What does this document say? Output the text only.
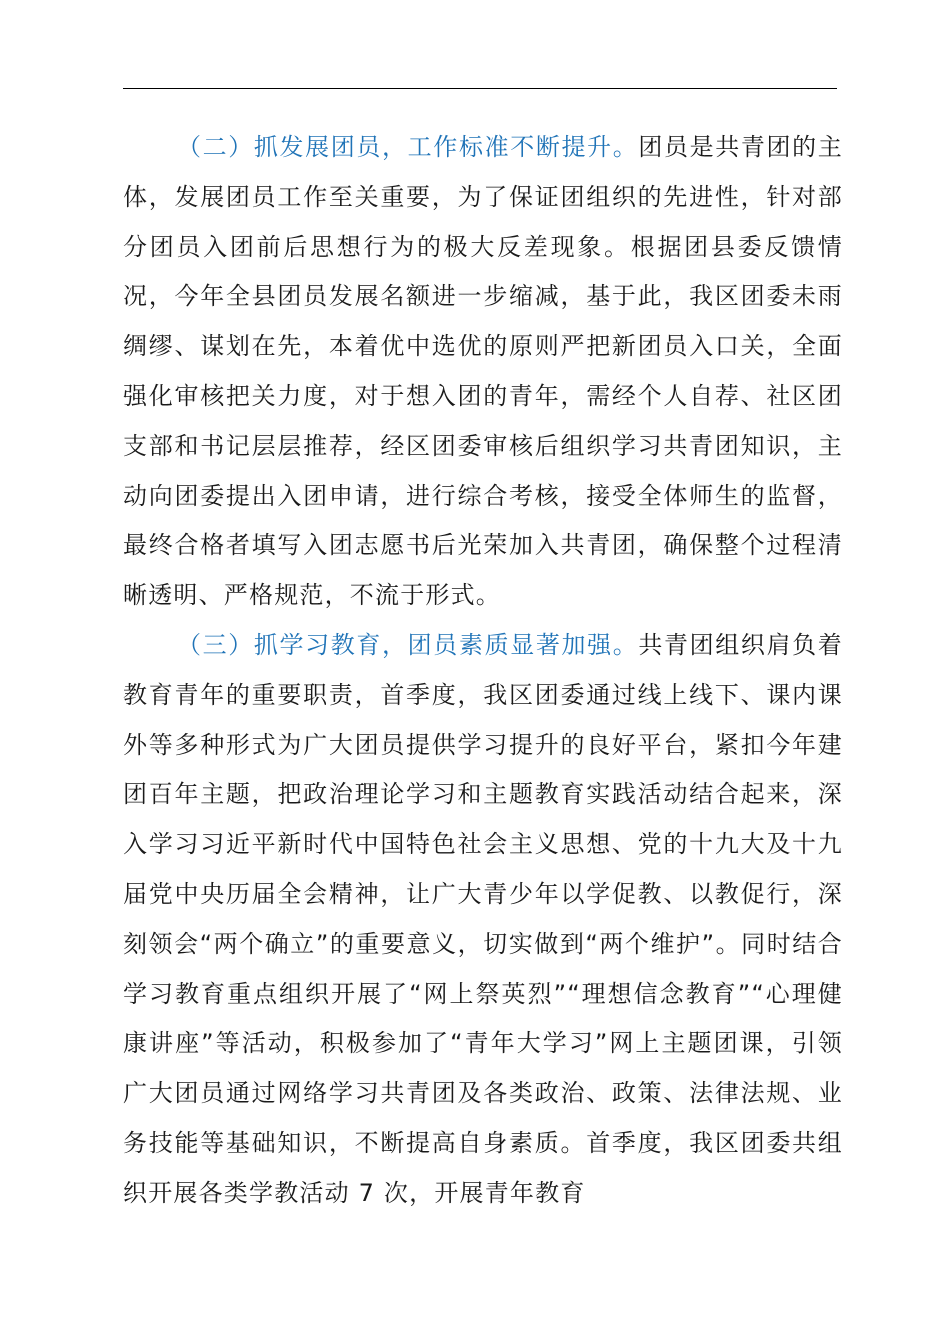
（二）抓发展团员，工作标准不断提升。团员是共青团的主体，发展团员工作至关重要，为了保证团组织的先进性，针对部分团员入团前后思想行为的极大反差现象。根据团县委反馈情况，今年全县团员发展名额进一步缩减，基于此，我区团委未雨绸缪、谋划在先，本着优中选优的原则严把新团员入口关，全面强化审核把关力度，对于想入团的青年，需经个人自荐、社区团支部和书记层层推荐，经区团委审核后组织学习共青团知识，主动向团委提出入团申请，进行综合考核，接受全体师生的监督，最终合格者填写入团志愿书后光荣加入共青团，确保整个过程清晰透明、严格规范，不流于形式。

（三）抓学习教育，团员素质显著加强。共青团组织肩负着教育青年的重要职责，首季度，我区团委通过线上线下、课内课外等多种形式为广大团员提供学习提升的良好平台，紧扣今年建团百年主题，把政治理论学习和主题教育实践活动结合起来，深入学习习近平新时代中国特色社会主义思想、党的十九大及十九届党中央历届全会精神，让广大青少年以学促教、以教促行，深刻领会“两个确立”的重要意义，切实做到“两个维护”。同时结合学习教育重点组织开展了“网上祭英烈”“理想信念教育”“心理健康讲座”等活动，积极参加了“青年大学习”网上主题团课，引领广大团员通过网络学习共青团及各类政治、政策、法律法规、业务技能等基础知识，不断提高自身素质。首季度，我区团委共组织开展各类学教活动 7 次，开展青年教育
